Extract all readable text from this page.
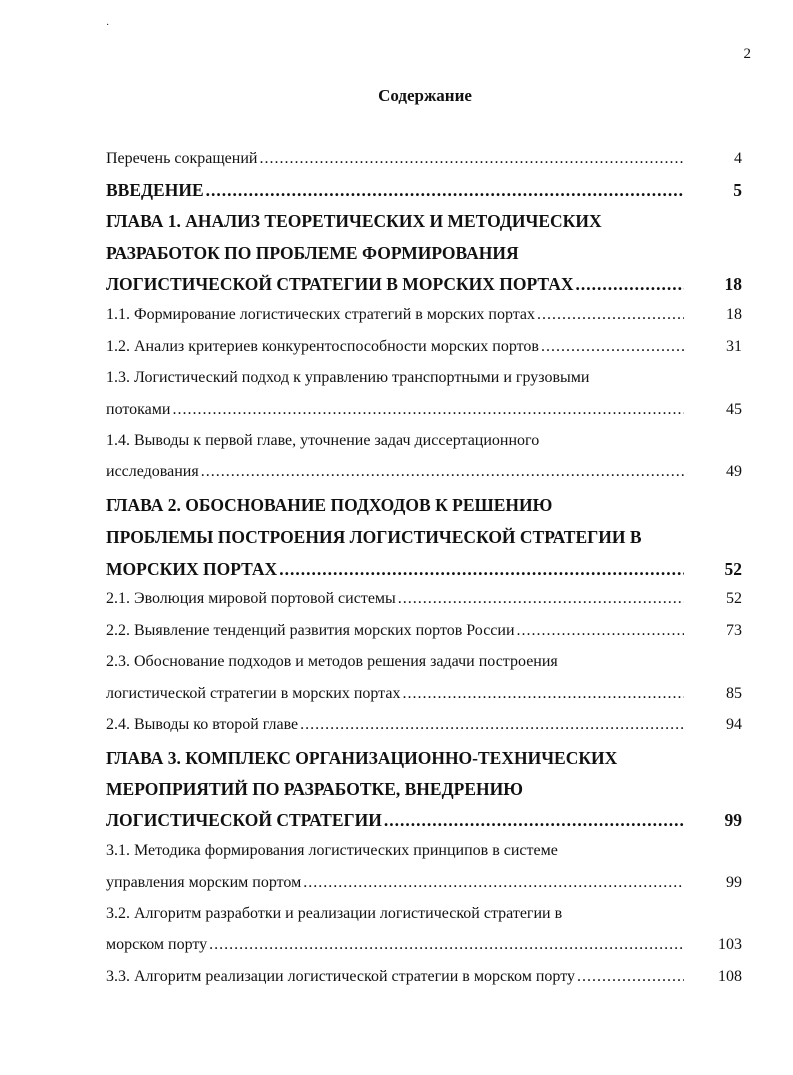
·
2
Содержание
Перечень сокращений .....	4
ВВЕДЕНИЕ .....	5
ГЛАВА 1. АНАЛИЗ ТЕОРЕТИЧЕСКИХ И МЕТОДИЧЕСКИХ
РАЗРАБОТОК ПО ПРОБЛЕМЕ ФОРМИРОВАНИЯ
ЛОГИСТИЧЕСКОЙ СТРАТЕГИИ В МОРСКИХ ПОРТАХ .....	18
1.1. Формирование логистических стратегий в морских портах .....	18
1.2. Анализ критериев конкурентоспособности морских портов .....	31
1.3. Логистический подход к управлению транспортными и грузовыми
потоками .....	45
1.4. Выводы к первой главе, уточнение задач диссертационного
исследования .....	49
ГЛАВА 2. ОБОСНОВАНИЕ ПОДХОДОВ К РЕШЕНИЮ
ПРОБЛЕМЫ ПОСТРОЕНИЯ ЛОГИСТИЧЕСКОЙ СТРАТЕГИИ В
МОРСКИХ ПОРТАХ .....	52
2.1. Эволюция мировой портовой системы .....	52
2.2. Выявление тенденций развития морских портов России .....	73
2.3. Обоснование подходов и методов решения задачи построения
логистической стратегии в морских портах .....	85
2.4. Выводы ко второй главе .....	94
ГЛАВА 3. КОМПЛЕКС ОРГАНИЗАЦИОННО-ТЕХНИЧЕСКИХ
МЕРОПРИЯТИЙ ПО РАЗРАБОТКЕ, ВНЕДРЕНИЮ
ЛОГИСТИЧЕСКОЙ СТРАТЕГИИ .....	99
3.1. Методика формирования логистических принципов в системе
управления морским портом .....	99
3.2. Алгоритм разработки и реализации логистической стратегии в
морском порту .....	103
3.3. Алгоритм реализации логистической стратегии в морском порту .....	108
